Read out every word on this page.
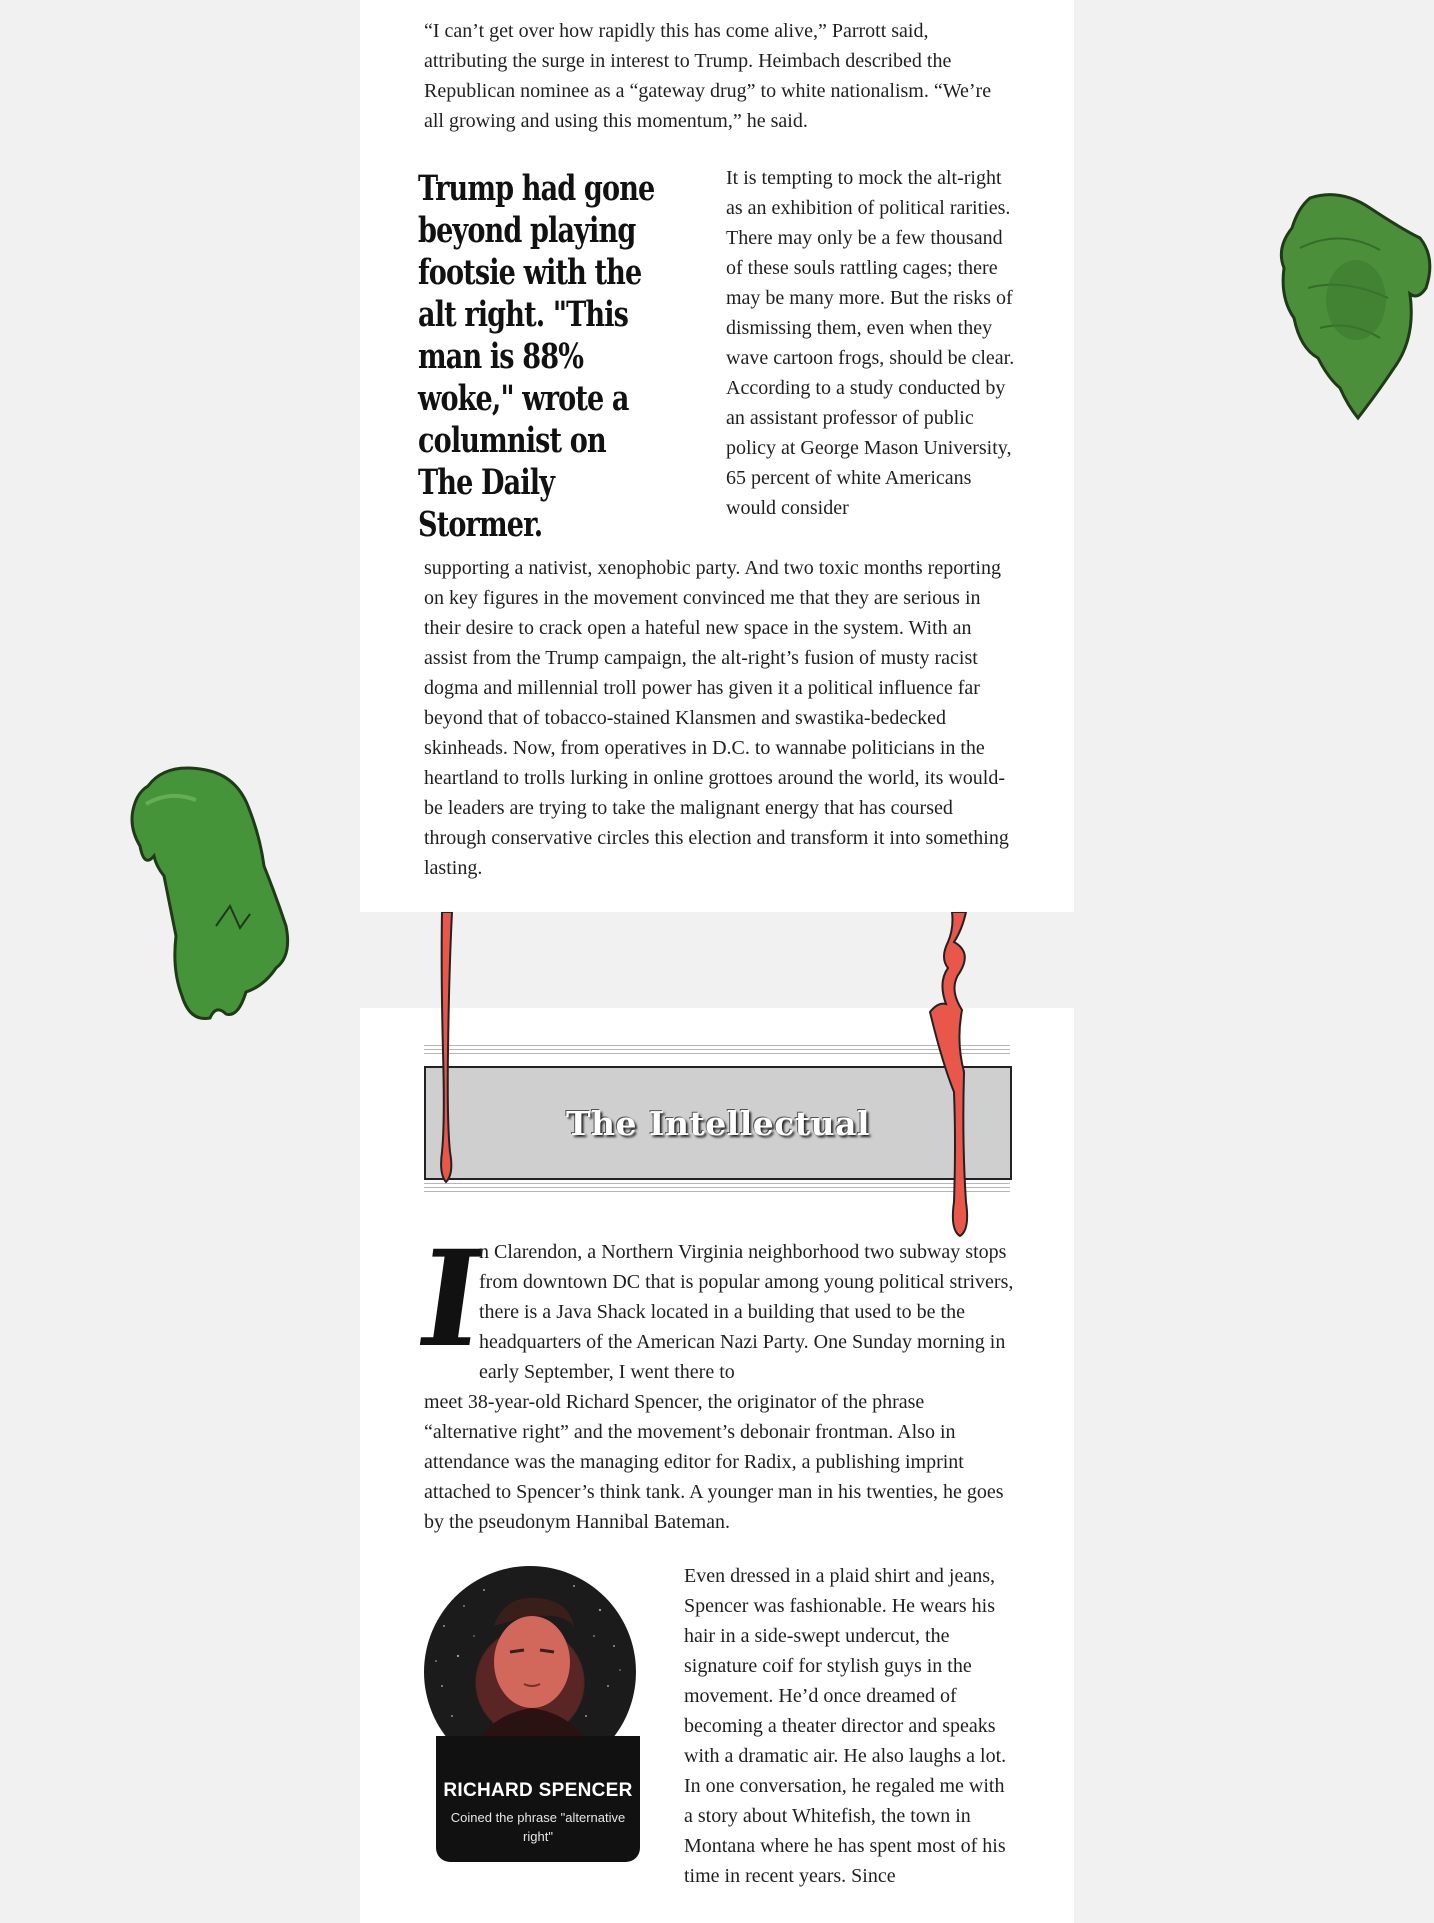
“I can’t get over how rapidly this has come alive,” Parrott said, attributing the surge in interest to Trump. Heimbach described the Republican nominee as a “gateway drug” to white nationalism. “We’re all growing and using this momentum,” he said.

Trump had gone beyond playing footsie with the alt right. "This man is 88% woke," wrote a columnist on The Daily Stormer.

It is tempting to mock the alt-right as an exhibition of political rarities. There may only be a few thousand of these souls rattling cages; there may be many more. But the risks of dismissing them, even when they wave cartoon frogs, should be clear. According to a study conducted by an assistant professor of public policy at George Mason University, 65 percent of white Americans would consider

supporting a nativist, xenophobic party. And two toxic months reporting on key figures in the movement convinced me that they are serious in their desire to crack open a hateful new space in the system. With an assist from the Trump campaign, the alt-right’s fusion of musty racist dogma and millennial troll power has given it a political influence far beyond that of tobacco-stained Klansmen and swastika-bedecked skinheads. Now, from operatives in D.C. to wannabe politicians in the heartland to trolls lurking in online grottoes around the world, its would-be leaders are trying to take the malignant energy that has coursed through conservative circles this election and transform it into something lasting.

The Intellectual
I

n Clarendon, a Northern Virginia neighborhood two subway stops from downtown DC that is popular among young political strivers, there is a Java Shack located in a building that used to be the headquarters of the American Nazi Party. One Sunday morning in early September, I went there to

meet 38-year-old Richard Spencer, the originator of the phrase “alternative right” and the movement’s debonair frontman. Also in attendance was the managing editor for Radix, a publishing imprint attached to Spencer’s think tank. A younger man in his twenties, he goes by the pseudonym Hannibal Bateman.

RICHARD SPENCER
Coined the phrase "alternative right"

Even dressed in a plaid shirt and jeans, Spencer was fashionable. He wears his hair in a side-swept undercut, the signature coif for stylish guys in the movement. He’d once dreamed of becoming a theater director and speaks with a dramatic air. He also laughs a lot. In one conversation, he regaled me with a story about Whitefish, the town in Montana where he has spent most of his time in recent years. Since
